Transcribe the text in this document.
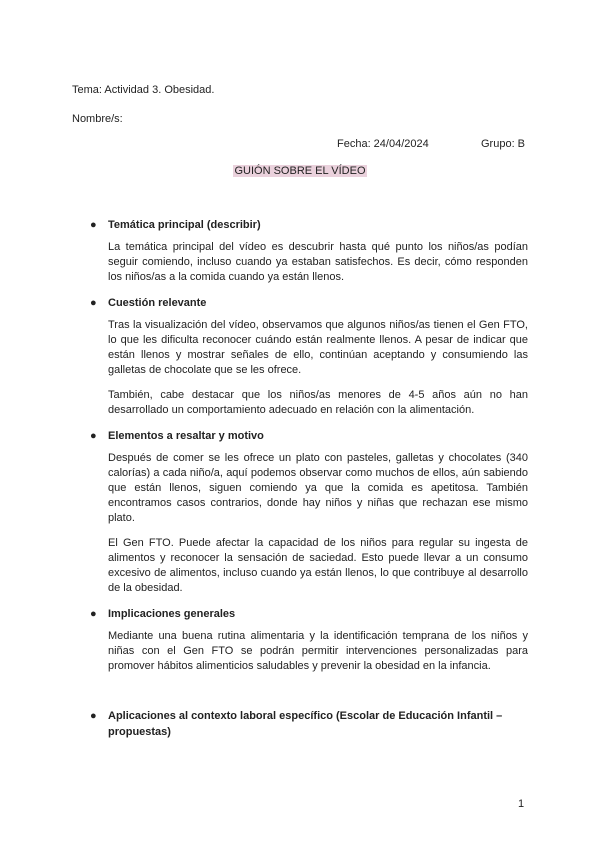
Tema: Actividad 3. Obesidad.
Nombre/s:
Fecha: 24/04/2024	Grupo: B
GUIÓN SOBRE EL VÍDEO
● Temática principal (describir)

La temática principal del vídeo es descubrir hasta qué punto los niños/as podían seguir comiendo, incluso cuando ya estaban satisfechos. Es decir, cómo responden los niños/as a la comida cuando ya están llenos.

● Cuestión relevante

Tras la visualización del vídeo, observamos que algunos niños/as tienen el Gen FTO, lo que les dificulta reconocer cuándo están realmente llenos. A pesar de indicar que están llenos y mostrar señales de ello, continúan aceptando y consumiendo las galletas de chocolate que se les ofrece.

También, cabe destacar que los niños/as menores de 4-5 años aún no han desarrollado un comportamiento adecuado en relación con la alimentación.

● Elementos a resaltar y motivo

Después de comer se les ofrece un plato con pasteles, galletas y chocolates (340 calorías) a cada niño/a, aquí podemos observar como muchos de ellos, aún sabiendo que están llenos, siguen comiendo ya que la comida es apetitosa. También encontramos casos contrarios, donde hay niños y niñas que rechazan ese mismo plato.

El Gen FTO. Puede afectar la capacidad de los niños para regular su ingesta de alimentos y reconocer la sensación de saciedad. Esto puede llevar a un consumo excesivo de alimentos, incluso cuando ya están llenos, lo que contribuye al desarrollo de la obesidad.

● Implicaciones generales

Mediante una buena rutina alimentaria y la identificación temprana de los niños y niñas con el Gen FTO se podrán permitir intervenciones personalizadas para promover hábitos alimenticios saludables y prevenir la obesidad en la infancia.

● Aplicaciones al contexto laboral específico (Escolar de Educación Infantil – propuestas)
1
